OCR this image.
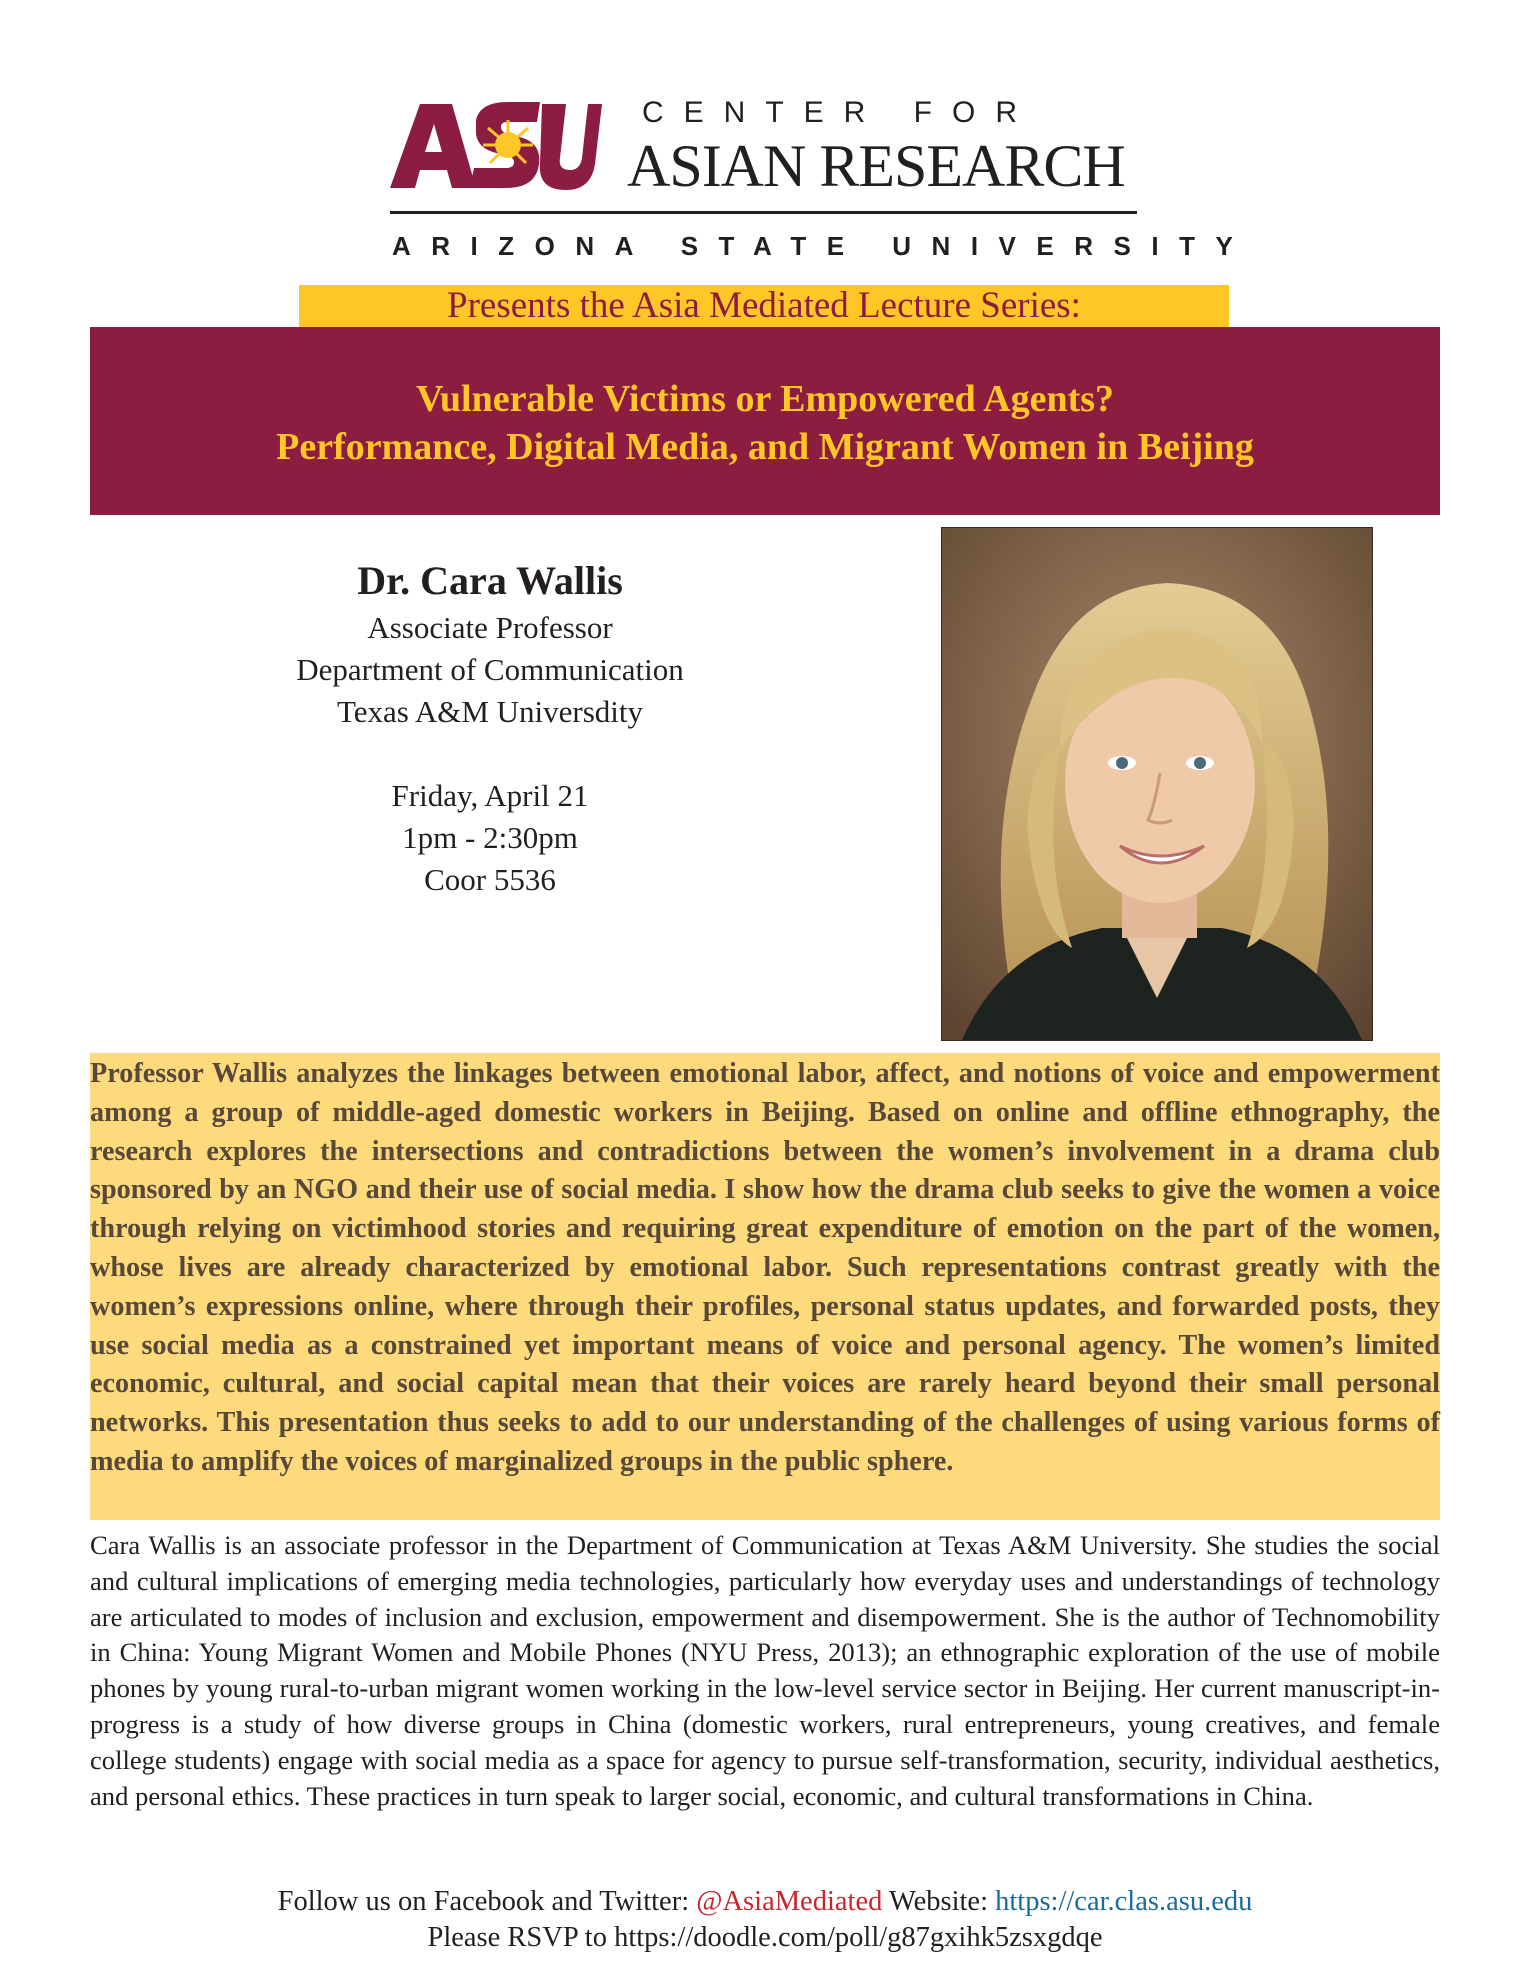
CENTER FOR
ASIAN RESEARCH
ARIZONA STATE UNIVERSITY
Presents the Asia Mediated Lecture Series:
Vulnerable Victims or Empowered Agents?
Performance, Digital Media, and Migrant Women in Beijing
Dr. Cara Wallis
Associate Professor
Department of Communication
Texas A&M Universdity
Friday, April 21
1pm - 2:30pm
Coor 5536

Professor Wallis analyzes the linkages between emotional labor, affect, and notions of voice and empowerment among a group of middle-aged domestic workers in Beijing. Based on online and offline ethnography, the research explores the intersections and contradictions between the women’s involvement in a drama club sponsored by an NGO and their use of social media. I show how the drama club seeks to give the women a voice through relying on victimhood stories and requiring great expenditure of emotion on the part of the women, whose lives are already characterized by emotional labor. Such representations contrast greatly with the women’s expressions online, where through their profiles, personal status updates, and forwarded posts, they use social media as a constrained yet important means of voice and personal agency. The women’s limited economic, cultural, and social capital mean that their voices are rarely heard beyond their small personal networks. This presentation thus seeks to add to our understanding of the challenges of using various forms of media to amplify the voices of marginalized groups in the public sphere.

Cara Wallis is an associate professor in the Department of Communication at Texas A&M University. She studies the social and cultural implications of emerging media technologies, particularly how everyday uses and understandings of technology are articulated to modes of inclusion and exclusion, empowerment and disempowerment. She is the author of Technomobility in China: Young Migrant Women and Mobile Phones (NYU Press, 2013); an ethnographic exploration of the use of mobile phones by young rural-to-urban migrant women working in the low-level service sector in Beijing. Her current manuscript-in-progress is a study of how diverse groups in China (domestic workers, rural entrepreneurs, young creatives, and female college students) engage with social media as a space for agency to pursue self-transformation, security, individual aesthetics, and personal ethics. These practices in turn speak to larger social, economic, and cultural transformations in China.

Follow us on Facebook and Twitter: @AsiaMediated Website: https://car.clas.asu.edu
Please RSVP to https://doodle.com/poll/g87gxihk5zsxgdqe
